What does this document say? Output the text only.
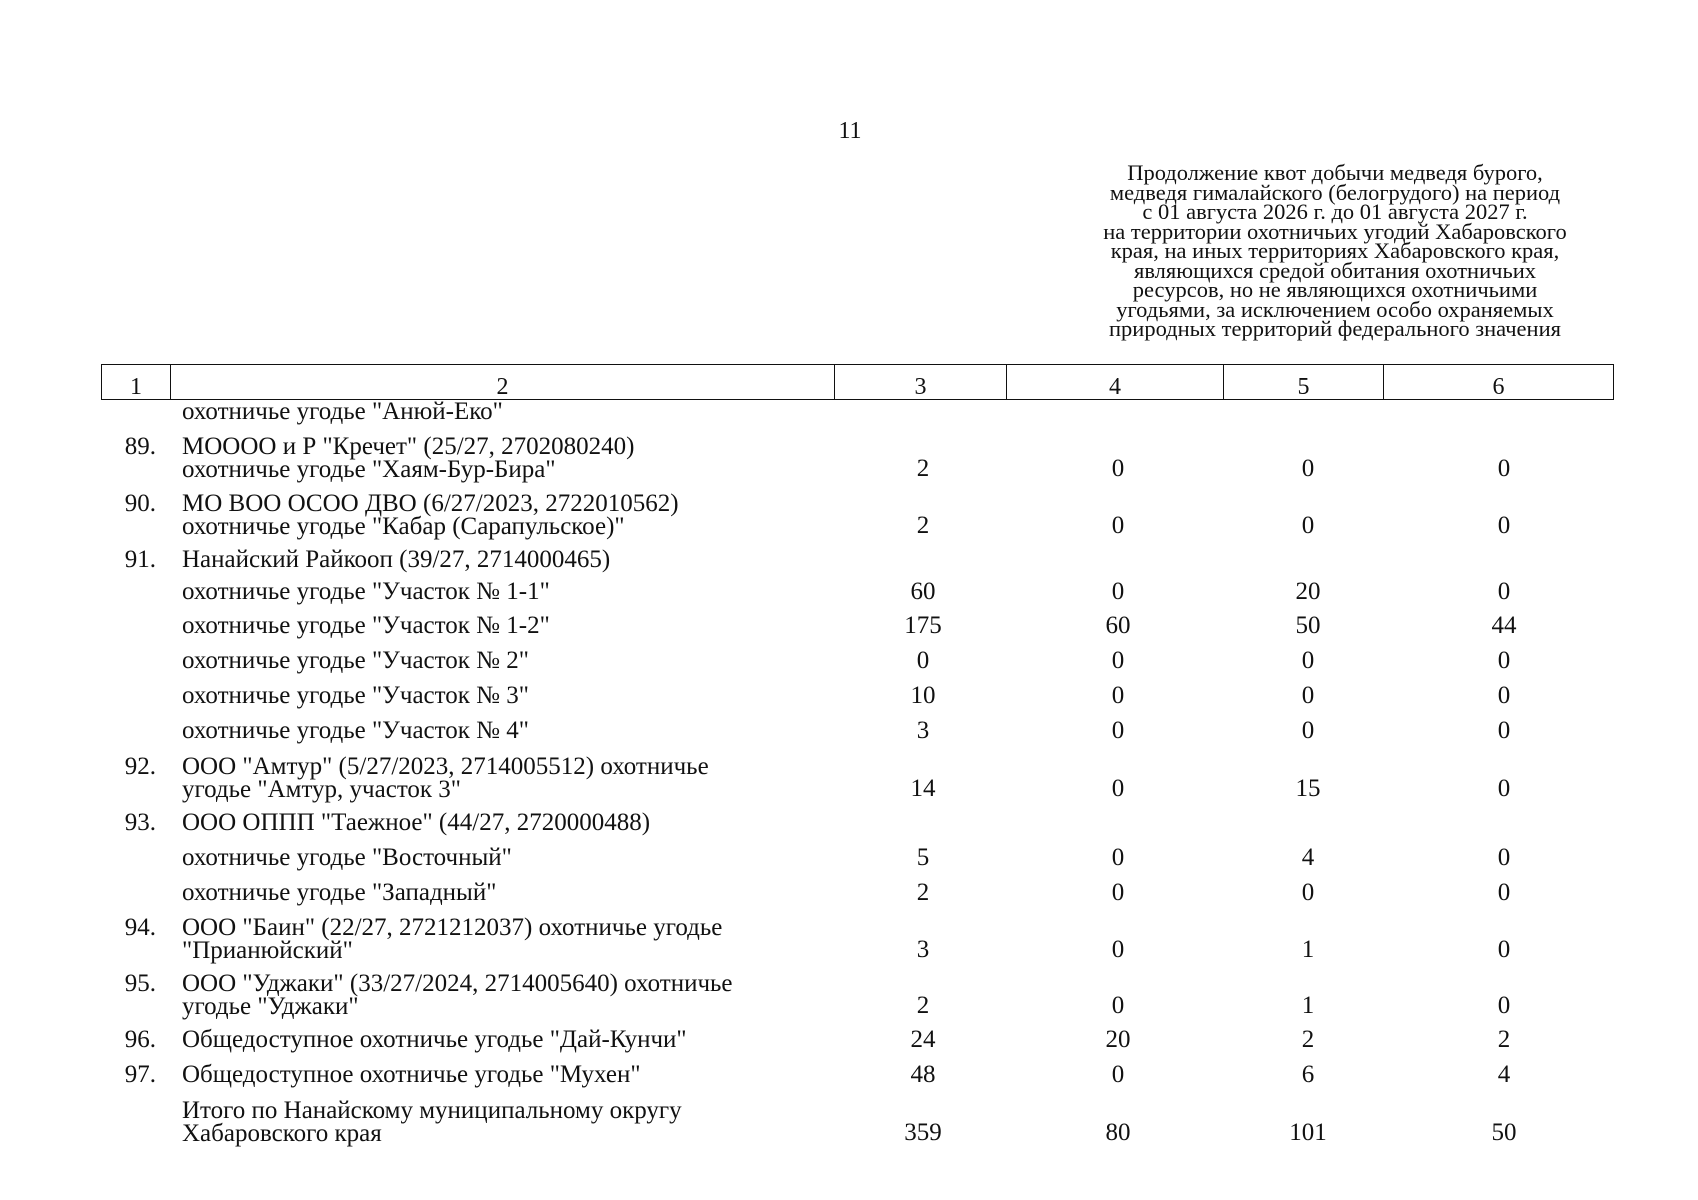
11
Продолжение квот добычи медведя бурого,
медведя гималайского (белогрудого) на период
с 01 августа 2026 г. до 01 августа 2027 г.
на территории охотничьих угодий Хабаровского
края, на иных территориях Хабаровского края,
являющихся средой обитания охотничьих
ресурсов, но не являющихся охотничьими
угодьями, за исключением особо охраняемых
природных территорий федерального значения
1	2	3	4	5	6
охотничье угодье "Анюй-Еко"
89. МОООО и Р "Кречет" (25/27, 2702080240)
охотничье угодье "Хаям-Бур-Бира"	2	0	0	0
90. МО ВОО ОСОО ДВО (6/27/2023, 2722010562)
охотничье угодье "Кабар (Сарапульское)"	2	0	0	0
91. Нанайский Райкооп (39/27, 2714000465)
охотничье угодье "Участок № 1-1"	60	0	20	0
охотничье угодье "Участок № 1-2"	175	60	50	44
охотничье угодье "Участок № 2"	0	0	0	0
охотничье угодье "Участок № 3"	10	0	0	0
охотничье угодье "Участок № 4"	3	0	0	0
92. ООО "Амтур" (5/27/2023, 2714005512) охотничье
угодье "Амтур, участок 3"	14	0	15	0
93. ООО ОППП "Таежное" (44/27, 2720000488)
охотничье угодье "Восточный"	5	0	4	0
охотничье угодье "Западный"	2	0	0	0
94. ООО "Баин" (22/27, 2721212037) охотничье угодье
"Прианюйский"	3	0	1	0
95. ООО "Уджаки" (33/27/2024, 2714005640) охотничье
угодье "Уджаки"	2	0	1	0
96. Общедоступное охотничье угодье "Дай-Кунчи"	24	20	2	2
97. Общедоступное охотничье угодье "Мухен"	48	0	6	4
Итого по Нанайскому муниципальному округу
Хабаровского края	359	80	101	50
